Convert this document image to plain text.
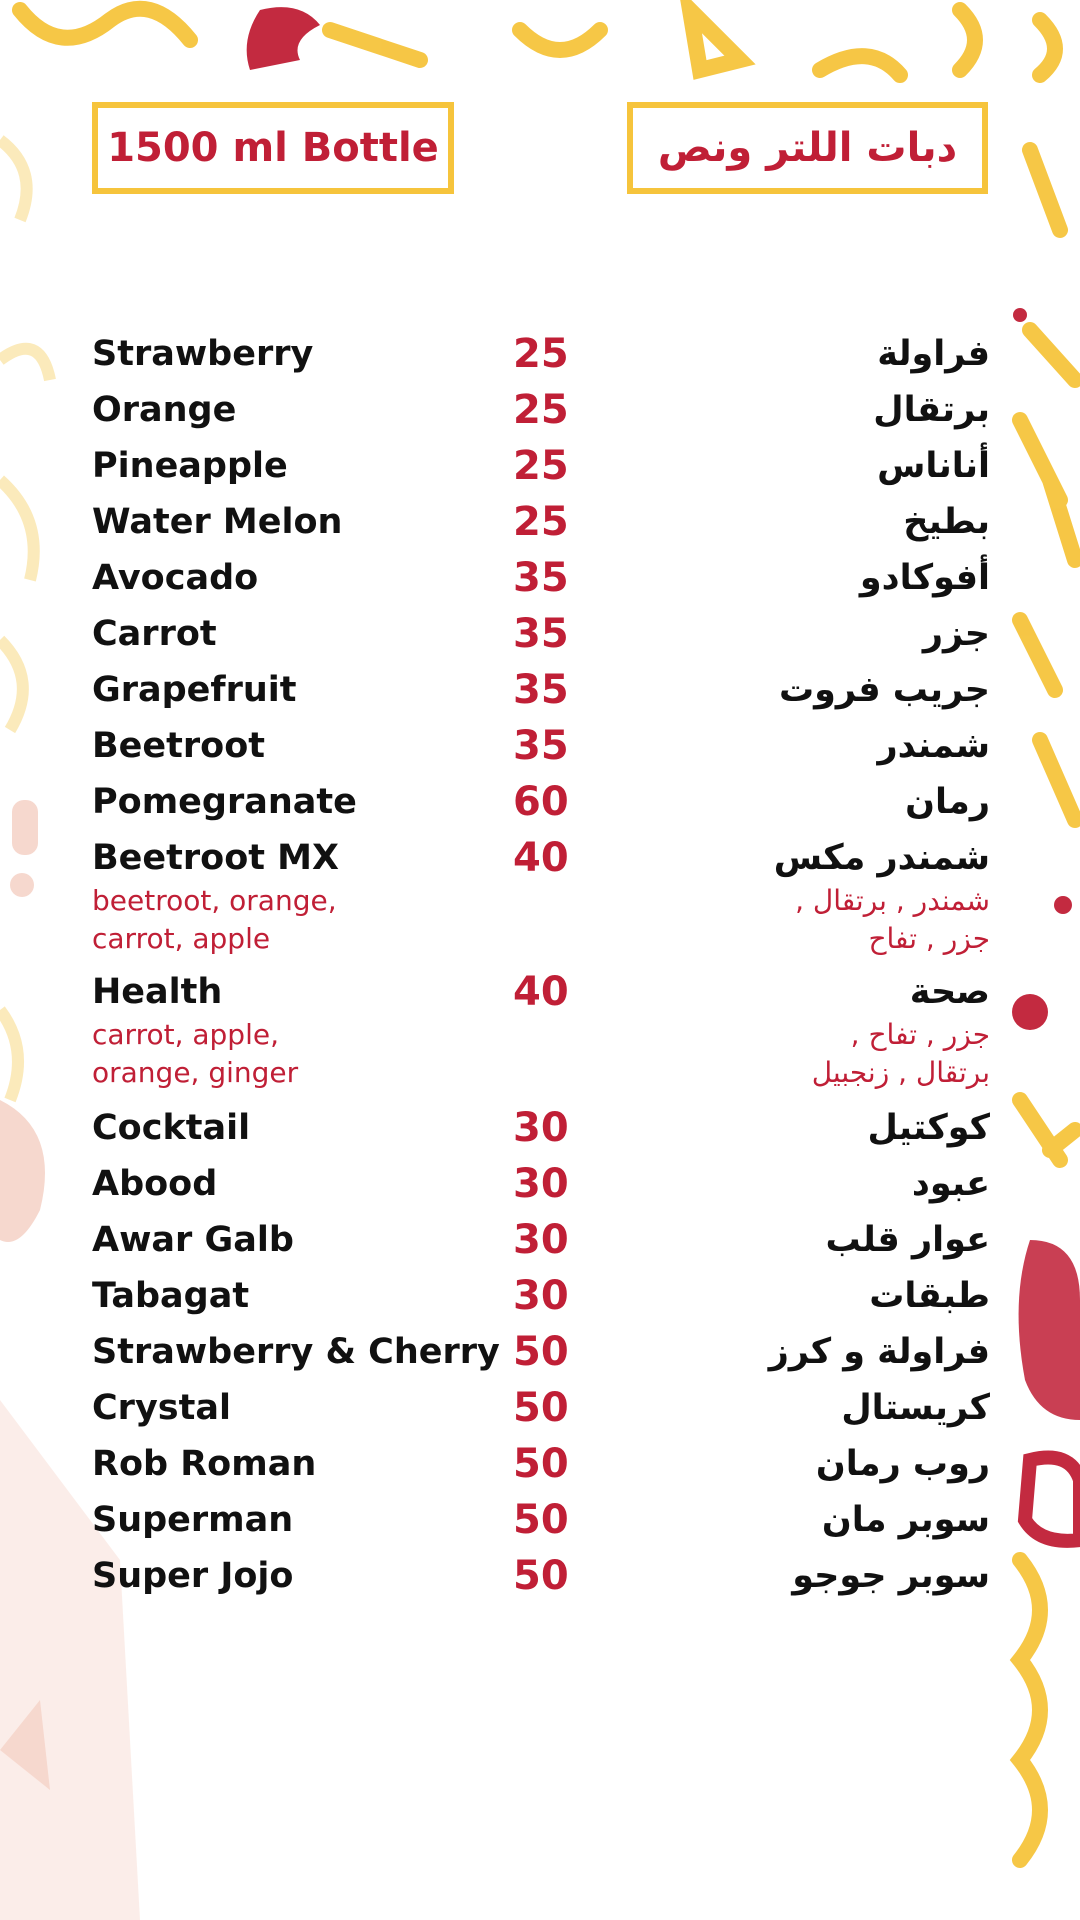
1500 ml Bottle	دبات اللتر ونص
Strawberry	25	فراولة
Orange	25	برتقال
Pineapple	25	أناناس
Water Melon	25	بطيخ
Avocado	35	أفوكادو
Carrot	35	جزر
Grapefruit	35	جريب فروت
Beetroot	35	شمندر
Pomegranate	60	رمان
Beetroot MX	40	شمندر مكس
beetroot, orange,
carrot, apple
شمندر , برتقال ,
جزر , تفاح
Health	40	صحة
carrot, apple,
orange, ginger
جزر , تفاح ,
برتقال , زنجبيل
Cocktail	30	كوكتيل
Abood	30	عبود
Awar Galb	30	عوار قلب
Tabagat	30	طبقات
Strawberry & Cherry 50	فراولة و كرز
Crystal	50	كريستال
Rob Roman	50	روب رمان
Superman	50	سوبر مان
Super Jojo	50	سوبر جوجو
